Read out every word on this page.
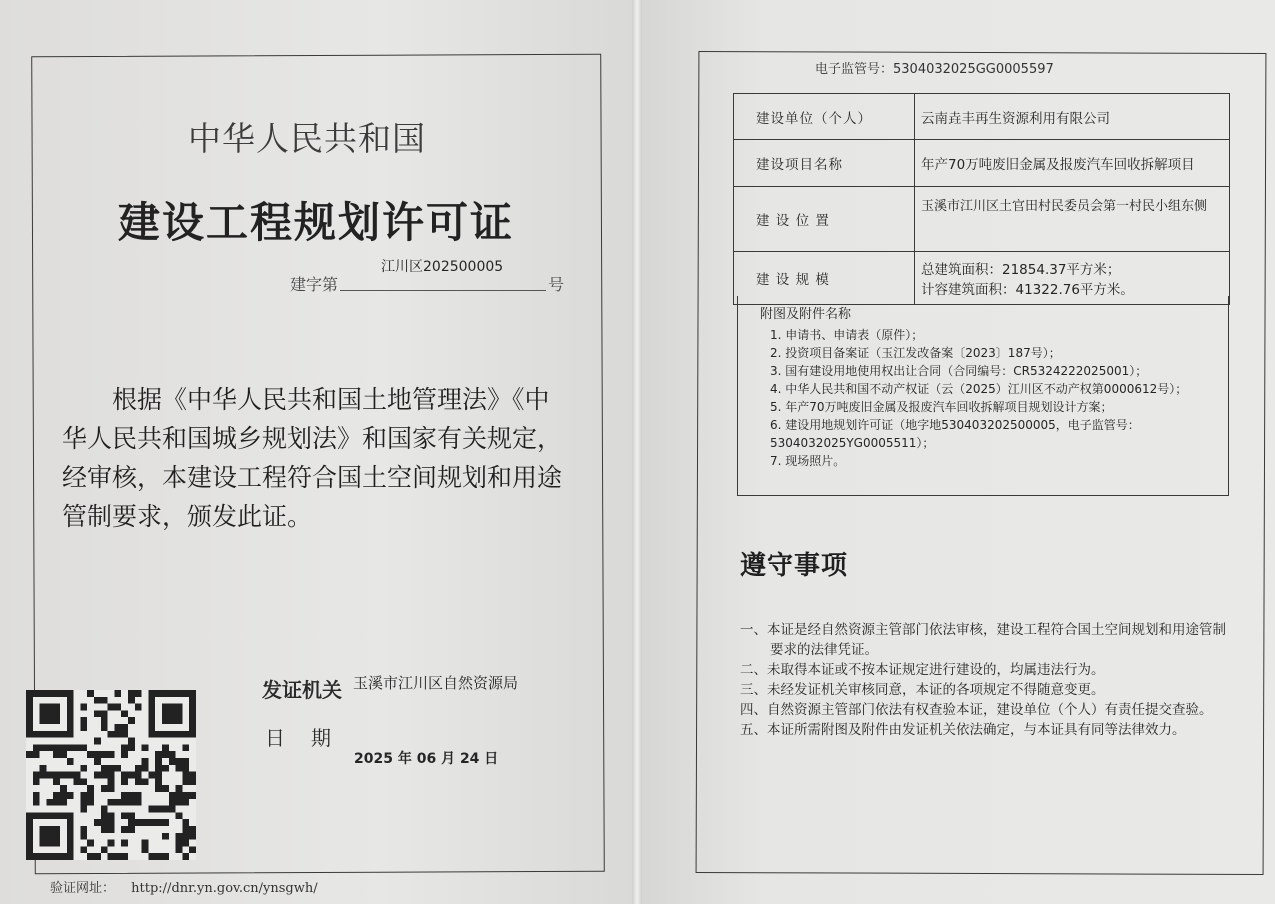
中华人民共和国
建设工程规划许可证
江川区202500005
建字第	号
根据《中华人民共和国土地管理法》《中华人民共和国城乡规划法》和国家有关规定，经审核，本建设工程符合国土空间规划和用途管制要求，颁发此证。
发证机关 玉溪市江川区自然资源局
日期
2025 年 06 月 24 日
验证网址： http://dnr.yn.gov.cn/ynsgwh/
电子监管号：5304032025GG0005597
建设单位（个人）	云南垚丰再生资源利用有限公司
建设项目名称	年产70万吨废旧金属及报废汽车回收拆解项目
建 设 位 置	玉溪市江川区土官田村民委员会第一村民小组东侧
建 设 规 模	总建筑面积：21854.37平方米；
计容建筑面积：41322.76平方米。
附图及附件名称
1. 申请书、申请表（原件）；
2. 投资项目备案证（玉江发改备案〔2023〕187号）；
3. 国有建设用地使用权出让合同（合同编号：CR5324222025001）；
4. 中华人民共和国不动产权证（云（2025）江川区不动产权第0000612号）；
5. 年产70万吨废旧金属及报废汽车回收拆解项目规划设计方案；
6. 建设用地规划许可证（地字地530403202500005，电子监管号：5304032025YG0005511）；
7. 现场照片。
遵守事项
一、本证是经自然资源主管部门依法审核，建设工程符合国土空间规划和用途管制要求的法律凭证。
二、未取得本证或不按本证规定进行建设的，均属违法行为。
三、未经发证机关审核同意，本证的各项规定不得随意变更。
四、自然资源主管部门依法有权查验本证，建设单位（个人）有责任提交查验。
五、本证所需附图及附件由发证机关依法确定，与本证具有同等法律效力。
